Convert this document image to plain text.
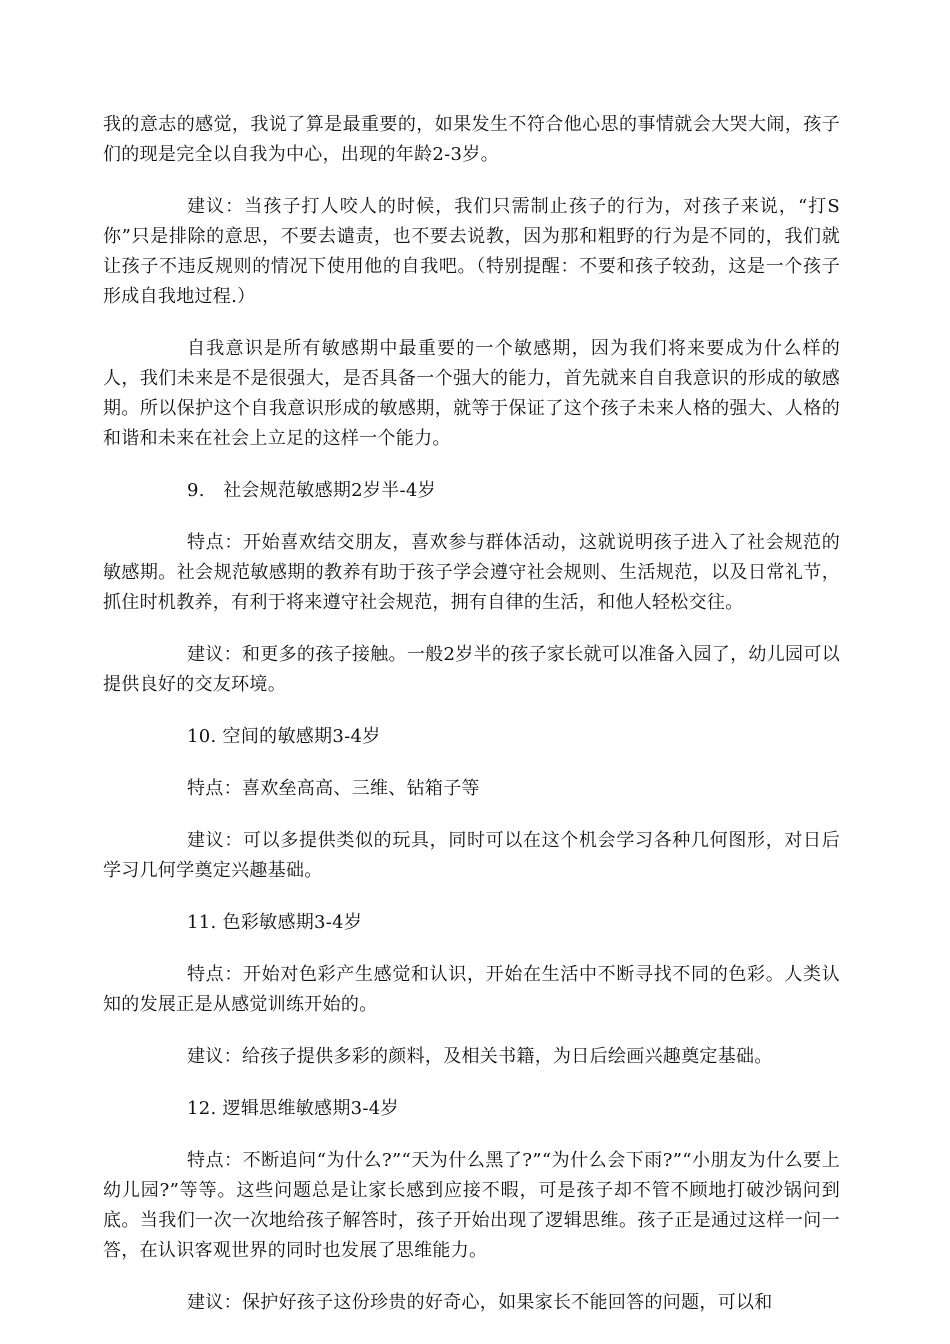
我的意志的感觉，我说了算是最重要的，如果发生不符合他心思的事情就会大哭大闹，孩子们的现是完全以自我为中心，出现的年龄2-3岁。

建议：当孩子打人咬人的时候，我们只需制止孩子的行为，对孩子来说，“打S你”只是排除的意思，不要去谴责，也不要去说教，因为那和粗野的行为是不同的，我们就让孩子不违反规则的情况下使用他的自我吧。（特别提醒：不要和孩子较劲，这是一个孩子形成自我地过程.）

自我意识是所有敏感期中最重要的一个敏感期，因为我们将来要成为什么样的人，我们未来是不是很强大，是否具备一个强大的能力，首先就来自自我意识的形成的敏感期。所以保护这个自我意识形成的敏感期，就等于保证了这个孩子未来人格的强大、人格的和谐和未来在社会上立足的这样一个能力。

9.　社会规范敏感期2岁半-4岁

特点：开始喜欢结交朋友，喜欢参与群体活动，这就说明孩子进入了社会规范的敏感期。社会规范敏感期的教养有助于孩子学会遵守社会规则、生活规范，以及日常礼节，抓住时机教养，有利于将来遵守社会规范，拥有自律的生活，和他人轻松交往。

建议：和更多的孩子接触。一般2岁半的孩子家长就可以准备入园了，幼儿园可以提供良好的交友环境。

10. 空间的敏感期3-4岁

特点：喜欢垒高高、三维、钻箱子等

建议：可以多提供类似的玩具，同时可以在这个机会学习各种几何图形，对日后学习几何学奠定兴趣基础。

11. 色彩敏感期3-4岁

特点：开始对色彩产生感觉和认识，开始在生活中不断寻找不同的色彩。人类认知的发展正是从感觉训练开始的。

建议：给孩子提供多彩的颜料，及相关书籍，为日后绘画兴趣奠定基础。

12. 逻辑思维敏感期3-4岁

特点：不断追问“为什么?”“天为什么黑了?”“为什么会下雨?”“小朋友为什么要上幼儿园?”等等。这些问题总是让家长感到应接不暇，可是孩子却不管不顾地打破沙锅问到底。当我们一次一次地给孩子解答时，孩子开始出现了逻辑思维。孩子正是通过这样一问一答，在认识客观世界的同时也发展了思维能力。

建议：保护好孩子这份珍贵的好奇心，如果家长不能回答的问题，可以和
